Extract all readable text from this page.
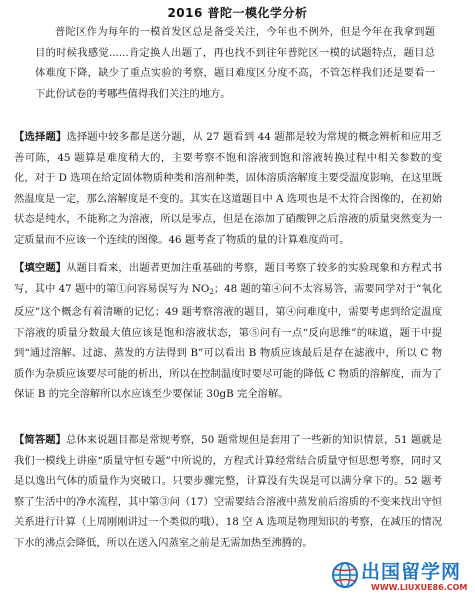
2016 普陀一模化学分析
普陀区作为每年的一模首发区总是备受关注，今年也不例外，但是今年在我拿到题目的时候我感觉......肯定换人出题了，再也找不到往年普陀区一模的试题特点，题目总体难度下降，缺少了重点实验的考察，题目难度区分度不高，不管怎样我们还是要看一下此份试卷的考哪些值得我们关注的地方。
【选择题】选择题中较多都是送分题，从 27 题看到 44 题都是较为常规的概念辨析和应用乏善可陈，45 题算是难度稍大的，主要考察不饱和溶液到饱和溶液转换过程中相关参数的变化，对于 D 选项在给定固体物质种类和溶剂种类，固体溶质溶解度主要受温度影响，在这里既然温度是一定，那么溶解度是不变的。其实在这道题目中 A 选项也是不太符合图像的，在初始状态是纯水，不能称之为溶液，所以是零点，但是在添加了硝酸钾之后溶液的质量突然变为一定质量而不应该一个连续的图像。46 题考查了物质的量的计算难度尚可。
【填空题】从题目看来，出题者更加注重基础的考察，题目考察了较多的实验现象和方程式书写，其中 47 题中的第①问容易误写为 $NO_2$；48 题的第④问不太容易答，需要同学对于“氧化反应”这个概念有着清晰的记忆；49 题考察溶液的题目，第④问难度中，需要考虑到给定温度下溶液的质量分数最大值应该是饱和溶液状态，第⑤问有一点“反向思维”的味道，题干中提到“通过溶解、过滤、蒸发的方法得到 B”可以看出 B 物质应该最后是存在滤液中，所以 C 物质作为杂质应该要尽可能的析出，所以在控制温度时要尽可能的降低 C 物质的溶解度，而为了保证 B 的完全溶解所以水应该至少要保证 30gB 完全溶解。
【简答题】总体来说题目都是常规考察，50 题常规但是套用了一些新的知识情景，51 题就是我们一模线上讲座“质量守恒专题”中所说的，方程式计算经常结合质量守恒思想考察，同时又是以逸出气体的质量作为突破口。只要步骤完整，计算没有失误是可以满分拿下的。52 题考察了生活中的净水流程，其中第③问（17）空需要结合溶液中蒸发前后溶质的不变来找出守恒关系进行计算（上周刚刚讲过一个类似的哦），18 空 A 选项是物理知识的考察，在减压的情况下水的沸点会降低，所以在送入闪蒸室之前是无需加热至沸腾的。
出国留学网
WWW.LIUXUE86.COM
